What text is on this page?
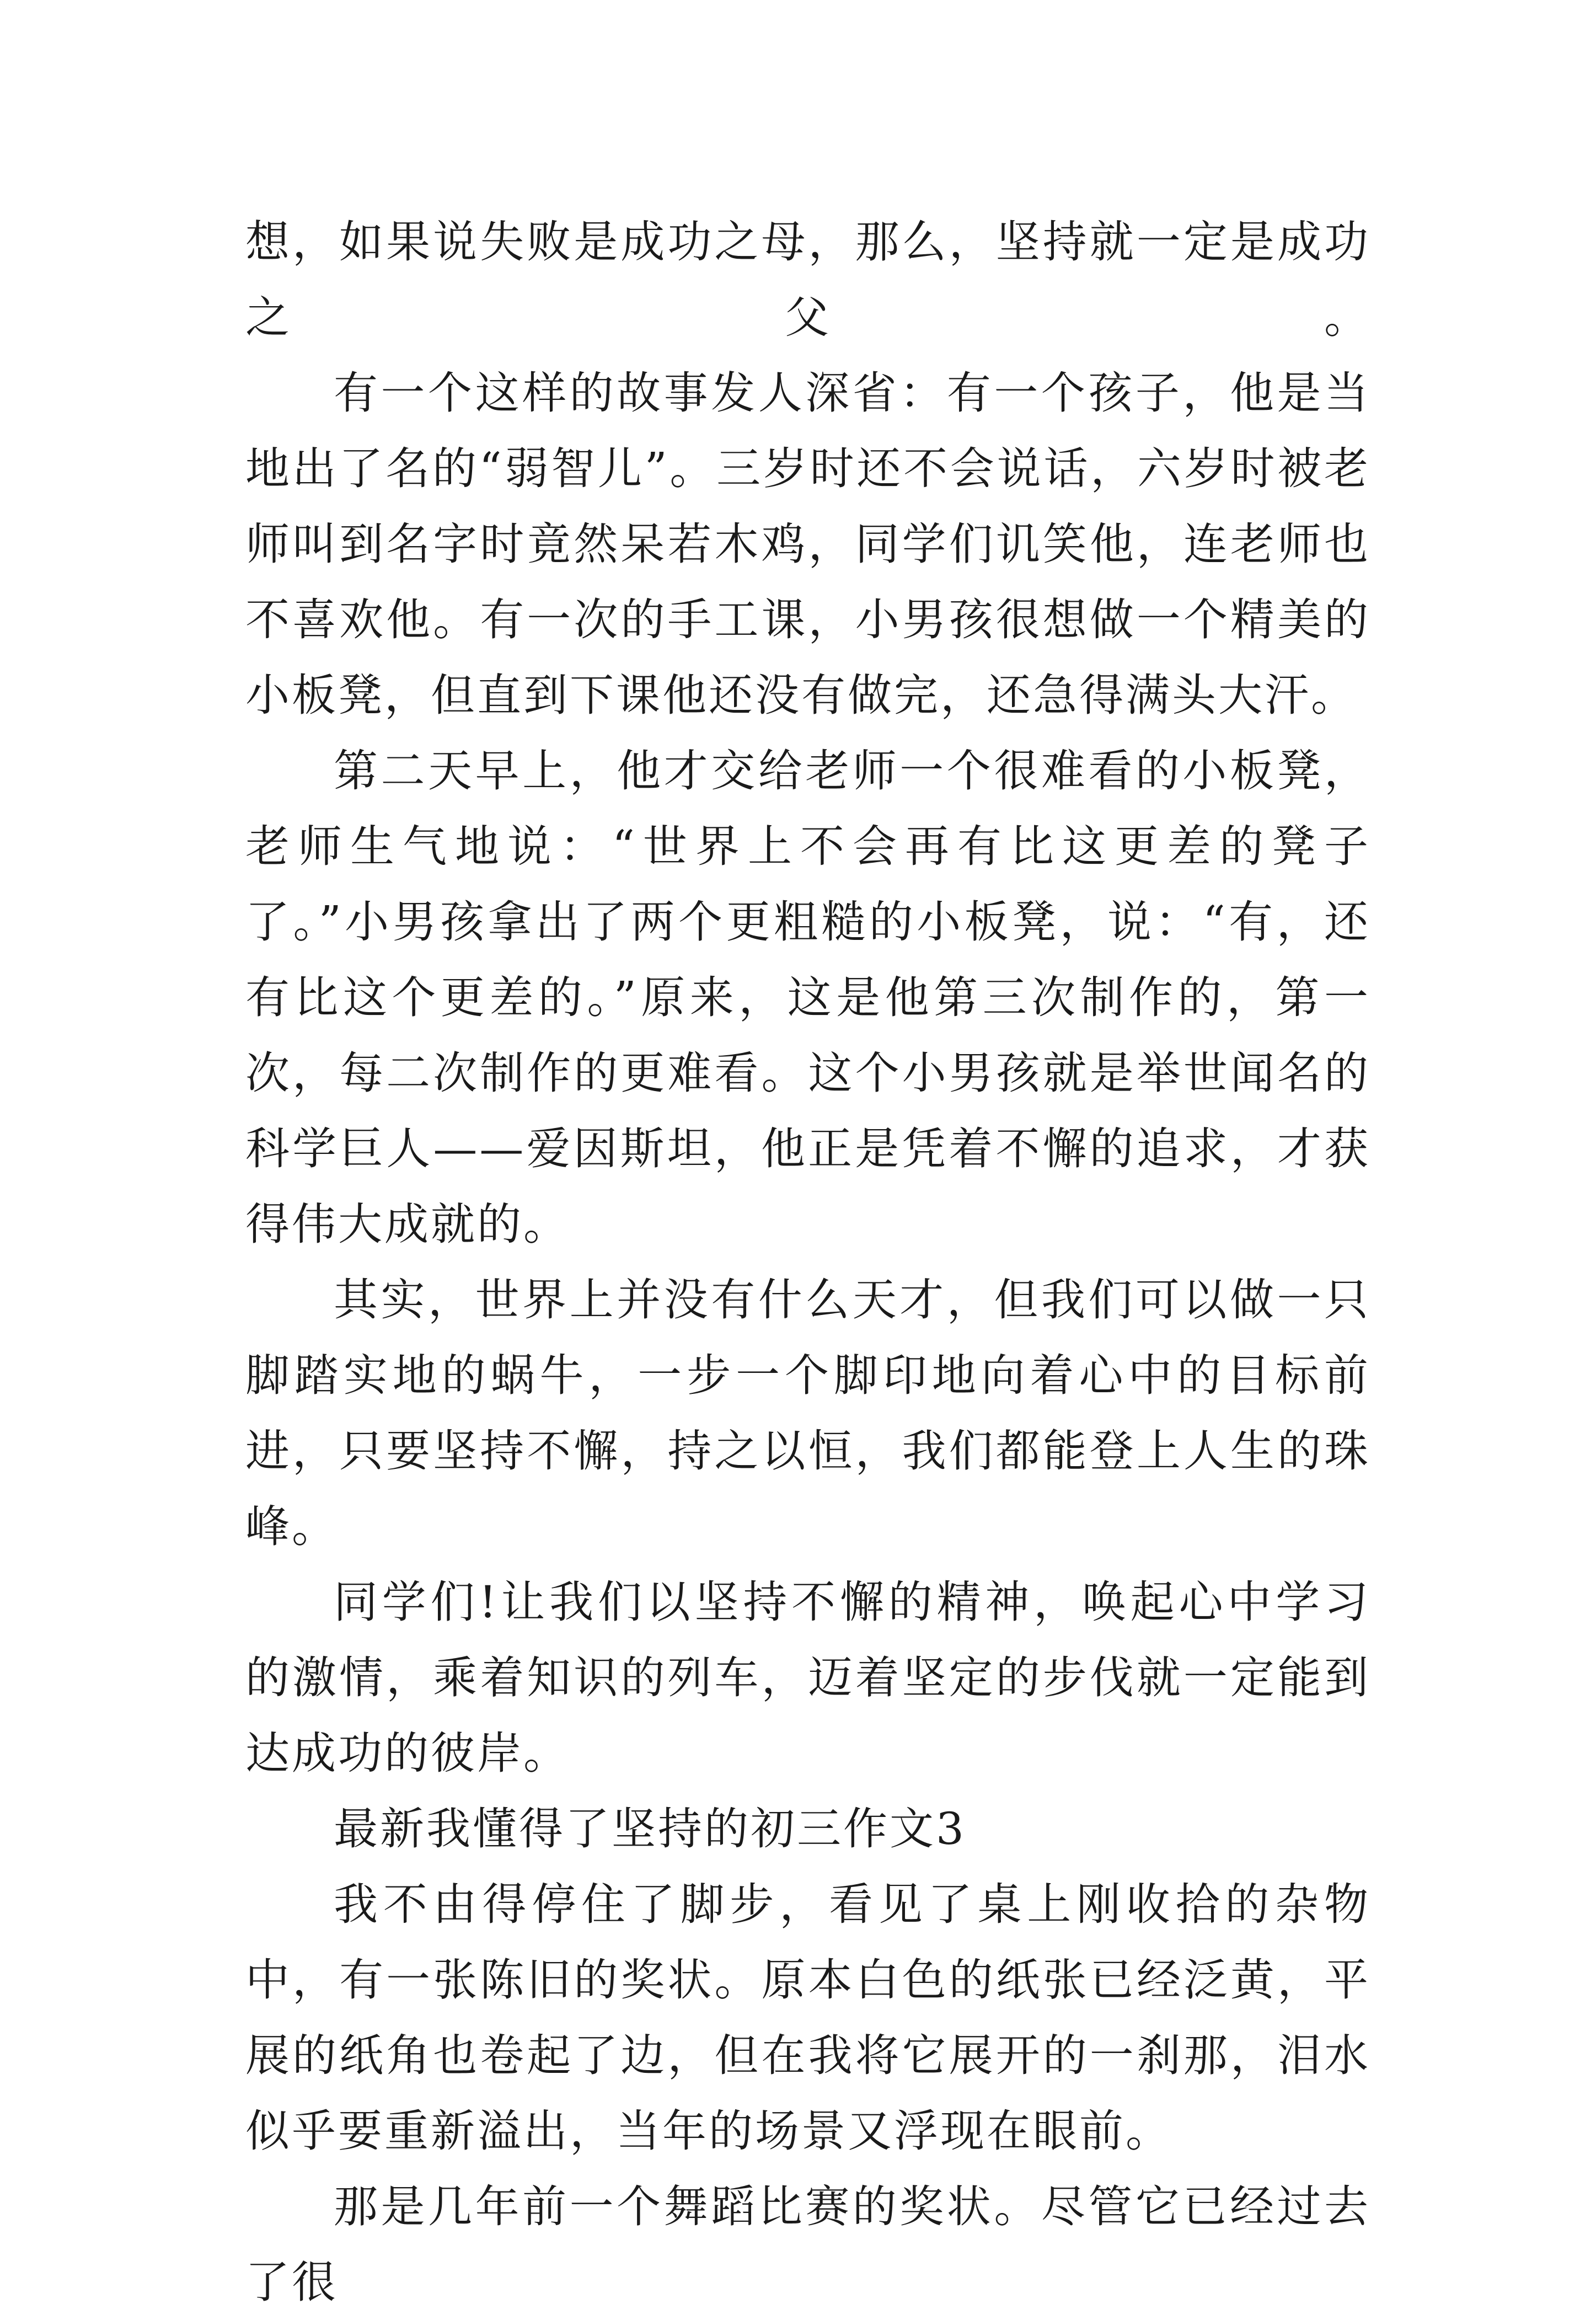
想，如果说失败是成功之母，那么，坚持就一定是成功之父。

有一个这样的故事发人深省：有一个孩子，他是当地出了名的“弱智儿”。三岁时还不会说话，六岁时被老师叫到名字时竟然呆若木鸡，同学们讥笑他，连老师也不喜欢他。有一次的手工课，小男孩很想做一个精美的小板凳，但直到下课他还没有做完，还急得满头大汗。

第二天早上，他才交给老师一个很难看的小板凳，老师生气地说：“世界上不会再有比这更差的凳子了。”小男孩拿出了两个更粗糙的小板凳，说：“有，还有比这个更差的。”原来，这是他第三次制作的，第一次，每二次制作的更难看。这个小男孩就是举世闻名的科学巨人——爱因斯坦，他正是凭着不懈的追求，才获得伟大成就的。

其实，世界上并没有什么天才，但我们可以做一只脚踏实地的蜗牛，一步一个脚印地向着心中的目标前进，只要坚持不懈，持之以恒，我们都能登上人生的珠峰。

同学们!让我们以坚持不懈的精神，唤起心中学习的激情，乘着知识的列车，迈着坚定的步伐就一定能到达成功的彼岸。

最新我懂得了坚持的初三作文3

我不由得停住了脚步，看见了桌上刚收拾的杂物中，有一张陈旧的奖状。原本白色的纸张已经泛黄，平展的纸角也卷起了边，但在我将它展开的一刹那，泪水似乎要重新溢出，当年的场景又浮现在眼前。

那是几年前一个舞蹈比赛的奖状。尽管它已经过去了很
